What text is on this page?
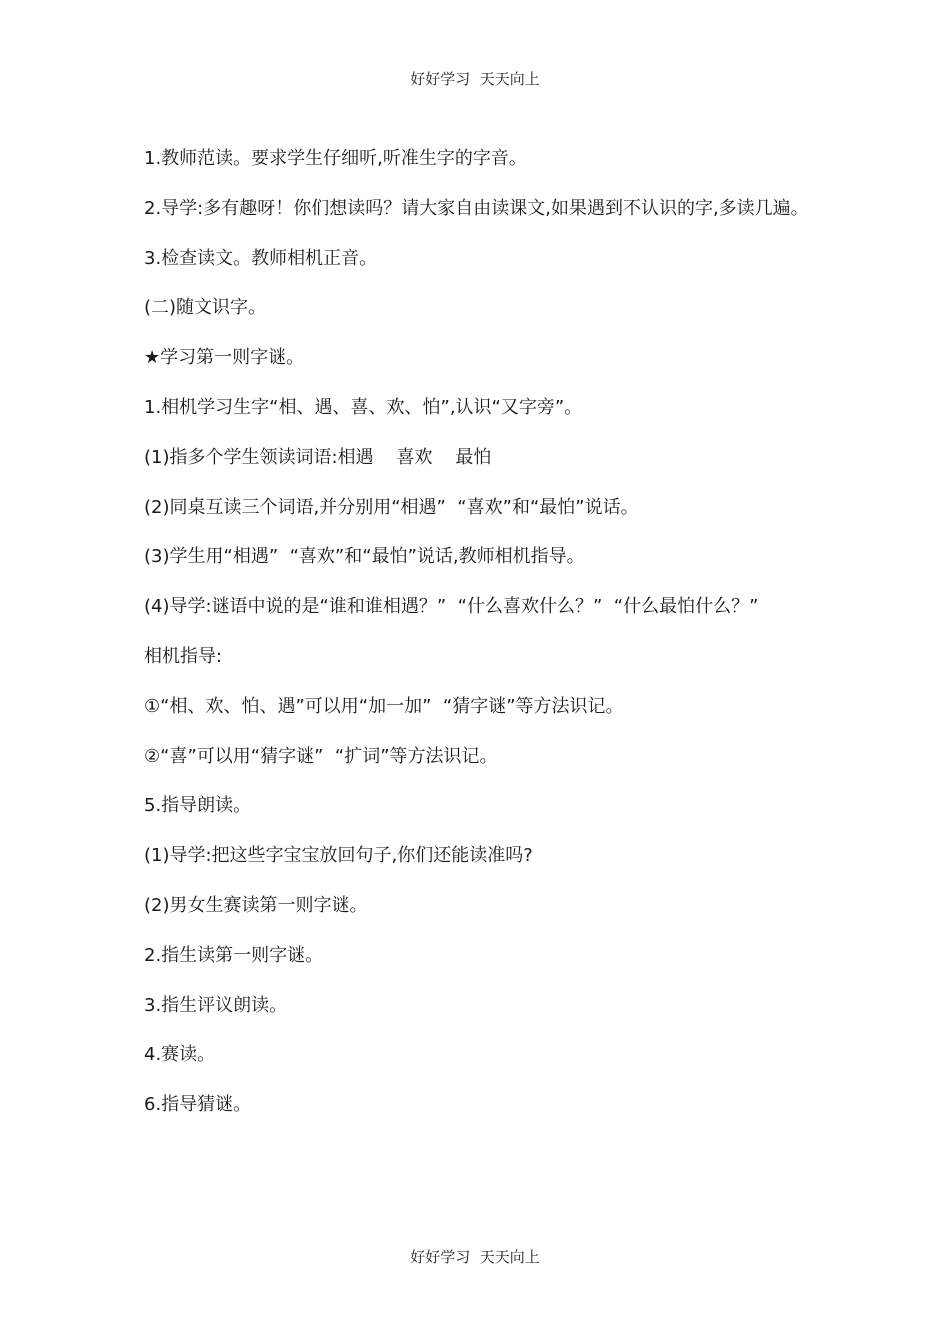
好好学习  天天向上

1.教师范读。要求学生仔细听,听准生字的字音。

2.导学:多有趣呀！你们想读吗？请大家自由读课文,如果遇到不认识的字,多读几遍。

3.检查读文。教师相机正音。

(二)随文识字。

★学习第一则字谜。

1.相机学习生字“相、遇、喜、欢、怕”,认识“又字旁”。

(1)指多个学生领读词语:相遇    喜欢    最怕

(2)同桌互读三个词语,并分别用“相遇”  “喜欢”和“最怕”说话。

(3)学生用“相遇”  “喜欢”和“最怕”说话,教师相机指导。

(4)导学:谜语中说的是“谁和谁相遇？”  “什么喜欢什么？”  “什么最怕什么？”

相机指导:

①“相、欢、怕、遇”可以用“加一加”  “猜字谜”等方法识记。

②“喜”可以用“猜字谜”  “扩词”等方法识记。

5.指导朗读。

(1)导学:把这些字宝宝放回句子,你们还能读准吗?

(2)男女生赛读第一则字谜。

2.指生读第一则字谜。

3.指生评议朗读。

4.赛读。

6.指导猜谜。

好好学习  天天向上
